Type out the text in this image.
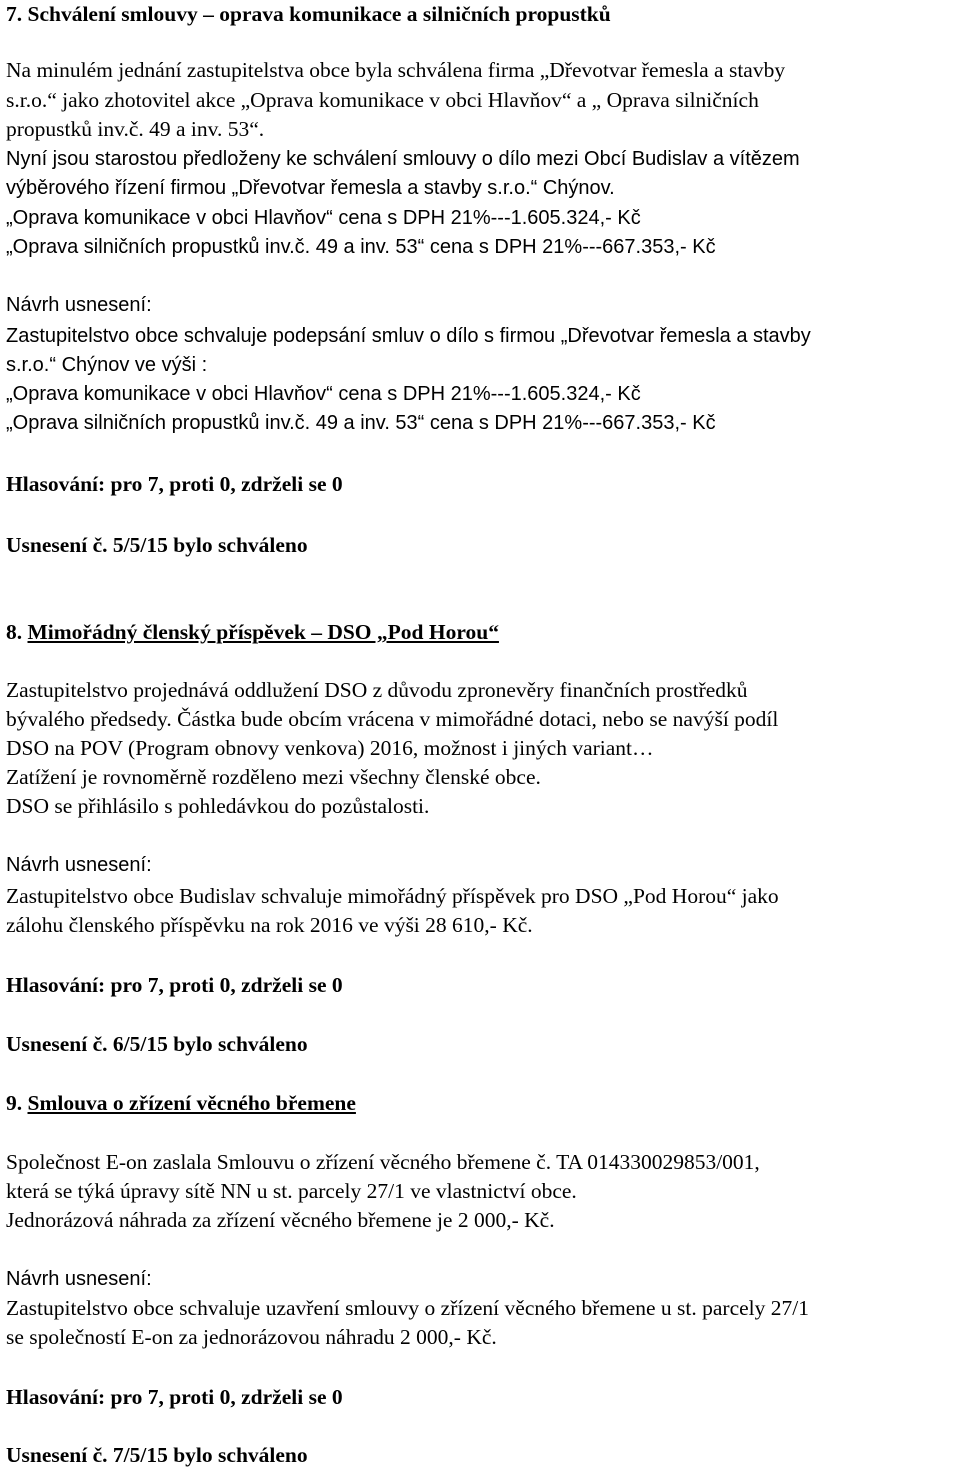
7. Schválení smlouvy – oprava komunikace a silničních propustků
Na minulém jednání zastupitelstva obce byla schválena firma „Dřevotvar řemesla a stavby
s.r.o.“ jako zhotovitel akce „Oprava komunikace v obci Hlavňov“ a „ Oprava silničních
propustků inv.č. 49 a inv. 53“.
Nyní jsou starostou předloženy ke schválení smlouvy o dílo mezi Obcí Budislav a vítězem
výběrového řízení firmou „Dřevotvar řemesla a stavby s.r.o.“ Chýnov.
„Oprava komunikace v obci Hlavňov“ cena s DPH 21%---1.605.324,- Kč
„Oprava silničních propustků inv.č. 49 a inv. 53“ cena s DPH 21%---667.353,- Kč
Návrh usnesení:
Zastupitelstvo obce schvaluje podepsání smluv o dílo s firmou „Dřevotvar řemesla a stavby
s.r.o.“ Chýnov ve výši :
„Oprava komunikace v obci Hlavňov“ cena s DPH 21%---1.605.324,- Kč
„Oprava silničních propustků inv.č. 49 a inv. 53“ cena s DPH 21%---667.353,- Kč
Hlasování: pro 7, proti 0, zdrželi se 0
Usnesení č. 5/5/15 bylo schváleno
8. Mimořádný členský příspěvek – DSO „Pod Horou“
Zastupitelstvo projednává oddlužení DSO z důvodu zpronevěry finančních prostředků
bývalého předsedy. Částka bude obcím vrácena v mimořádné dotaci, nebo se navýší podíl
DSO na POV (Program obnovy venkova) 2016, možnost i jiných variant…
Zatížení je rovnoměrně rozděleno mezi všechny členské obce.
DSO se přihlásilo s pohledávkou do pozůstalosti.
Návrh usnesení:
Zastupitelstvo obce Budislav schvaluje mimořádný příspěvek pro DSO „Pod Horou“ jako
zálohu členského příspěvku na rok 2016 ve výši 28 610,- Kč.
Hlasování: pro 7, proti 0, zdrželi se 0
Usnesení č. 6/5/15 bylo schváleno
9. Smlouva o zřízení věcného břemene
Společnost E-on zaslala Smlouvu o zřízení věcného břemene č. TA 014330029853/001,
která se týká úpravy sítě NN u st. parcely 27/1 ve vlastnictví obce.
Jednorázová náhrada za zřízení věcného břemene je 2 000,- Kč.
Návrh usnesení:
Zastupitelstvo obce schvaluje uzavření smlouvy o zřízení věcného břemene u st. parcely 27/1
se společností E-on za jednorázovou náhradu 2 000,- Kč.
Hlasování: pro 7, proti 0, zdrželi se 0
Usnesení č. 7/5/15 bylo schváleno
